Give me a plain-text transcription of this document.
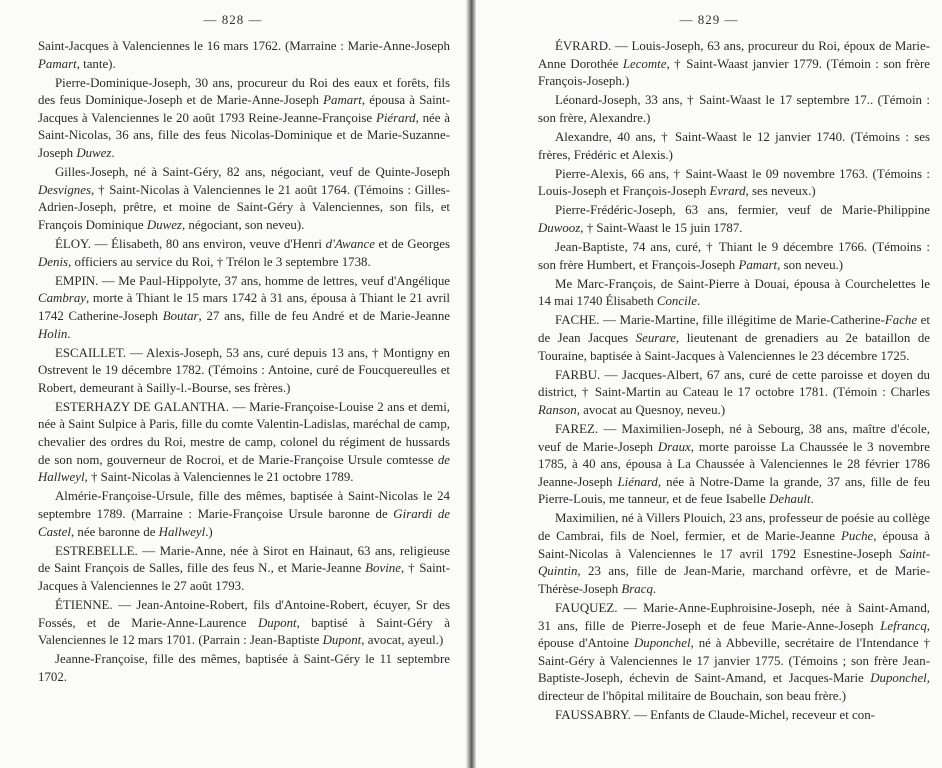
— 828 —

Saint-Jacques à Valenciennes le 16 mars 1762. (Marraine : Marie-Anne-Joseph Pamart, tante).

Pierre-Dominique-Joseph, 30 ans, procureur du Roi des eaux et forêts, fils des feus Dominique-Joseph et de Marie-Anne-Joseph Pamart, épousa à Saint-Jacques à Valenciennes le 20 août 1793 Reine-Jeanne-Françoise Piérard, née à Saint-Nicolas, 36 ans, fille des feus Nicolas-Dominique et de Marie-Suzanne-Joseph Duwez.

Gilles-Joseph, né à Saint-Géry, 82 ans, négociant, veuf de Quinte-Joseph Desvignes, † Saint-Nicolas à Valenciennes le 21 août 1764. (Témoins : Gilles-Adrien-Joseph, prêtre, et moine de Saint-Géry à Valenciennes, son fils, et François Dominique Duwez, négociant, son neveu).

ÉLOY. — Élisabeth, 80 ans environ, veuve d'Henri d'Awance et de Georges Denis, officiers au service du Roi, † Trélon le 3 septembre 1738.

EMPIN. — Me Paul-Hippolyte, 37 ans, homme de lettres, veuf d'Angélique Cambray, morte à Thiant le 15 mars 1742 à 31 ans, épousa à Thiant le 21 avril 1742 Catherine-Joseph Boutar, 27 ans, fille de feu André et de Marie-Jeanne Holin.

ESCAILLET. — Alexis-Joseph, 53 ans, curé depuis 13 ans, † Montigny en Ostrevent le 19 décembre 1782. (Témoins : Antoine, curé de Foucquereulles et Robert, demeurant à Sailly-l.-Bourse, ses frères.)

ESTERHAZY DE GALANTHA. — Marie-Françoise-Louise 2 ans et demi, née à Saint Sulpice à Paris, fille du comte Valentin-Ladislas, maréchal de camp, chevalier des ordres du Roi, mestre de camp, colonel du régiment de hussards de son nom, gouverneur de Rocroi, et de Marie-Françoise Ursule comtesse de Hallweyl, † Saint-Nicolas à Valenciennes le 21 octobre 1789.

Almérie-Françoise-Ursule, fille des mêmes, baptisée à Saint-Nicolas le 24 septembre 1789. (Marraine : Marie-Françoise Ursule baronne de Girardi de Castel, née baronne de Hallweyl.)

ESTREBELLE. — Marie-Anne, née à Sirot en Hainaut, 63 ans, religieuse de Saint François de Salles, fille des feus N., et Marie-Jeanne Bovine, † Saint-Jacques à Valenciennes le 27 août 1793.

ÉTIENNE. — Jean-Antoine-Robert, fils d'Antoine-Robert, écuyer, Sr des Fossés, et de Marie-Anne-Laurence Dupont, baptisé à Saint-Géry à Valenciennes le 12 mars 1701. (Parrain : Jean-Baptiste Dupont, avocat, ayeul.)

Jeanne-Françoise, fille des mêmes, baptisée à Saint-Géry le 11 septembre 1702.

— 829 —

ÉVRARD. — Louis-Joseph, 63 ans, procureur du Roi, époux de Marie-Anne Dorothée Lecomte, † Saint-Waast janvier 1779. (Témoin : son frère François-Joseph.)

Léonard-Joseph, 33 ans, † Saint-Waast le 17 septembre 17.. (Témoin : son frère, Alexandre.)

Alexandre, 40 ans, † Saint-Waast le 12 janvier 1740. (Témoins : ses frères, Frédéric et Alexis.)

Pierre-Alexis, 66 ans, † Saint-Waast le 09 novembre 1763. (Témoins : Louis-Joseph et François-Joseph Evrard, ses neveux.)

Pierre-Frédéric-Joseph, 63 ans, fermier, veuf de Marie-Philippine Duwooz, † Saint-Waast le 15 juin 1787.

Jean-Baptiste, 74 ans, curé, † Thiant le 9 décembre 1766. (Témoins : son frère Humbert, et François-Joseph Pamart, son neveu.)

Me Marc-François, de Saint-Pierre à Douai, épousa à Courchelettes le 14 mai 1740 Élisabeth Concile.

FACHE. — Marie-Martine, fille illégitime de Marie-Catherine-Fache et de Jean Jacques Seurare, lieutenant de grenadiers au 2e bataillon de Touraine, baptisée à Saint-Jacques à Valenciennes le 23 décembre 1725.

FARBU. — Jacques-Albert, 67 ans, curé de cette paroisse et doyen du district, † Saint-Martin au Cateau le 17 octobre 1781. (Témoin : Charles Ranson, avocat au Quesnoy, neveu.)

FAREZ. — Maximilien-Joseph, né à Sebourg, 38 ans, maître d'école, veuf de Marie-Joseph Draux, morte paroisse La Chaussée le 3 novembre 1785, à 40 ans, épousa à La Chaussée à Valenciennes le 28 février 1786 Jeanne-Joseph Liénard, née à Notre-Dame la grande, 37 ans, fille de feu Pierre-Louis, me tanneur, et de feue Isabelle Dehault.

Maximilien, né à Villers Plouich, 23 ans, professeur de poésie au collège de Cambrai, fils de Noel, fermier, et de Marie-Jeanne Puche, épousa à Saint-Nicolas à Valenciennes le 17 avril 1792 Esnestine-Joseph Saint-Quintin, 23 ans, fille de Jean-Marie, marchand orfèvre, et de Marie-Thérèse-Joseph Bracq.

FAUQUEZ. — Marie-Anne-Euphroisine-Joseph, née à Saint-Amand, 31 ans, fille de Pierre-Joseph et de feue Marie-Anne-Joseph Lefrancq, épouse d'Antoine Duponchel, né à Abbeville, secrétaire de l'Intendance † Saint-Géry à Valenciennes le 17 janvier 1775. (Témoins ; son frère Jean-Baptiste-Joseph, échevin de Saint-Amand, et Jacques-Marie Duponchel, directeur de l'hôpital militaire de Bouchain, son beau frère.)

FAUSSABRY. — Enfants de Claude-Michel, receveur et con-
